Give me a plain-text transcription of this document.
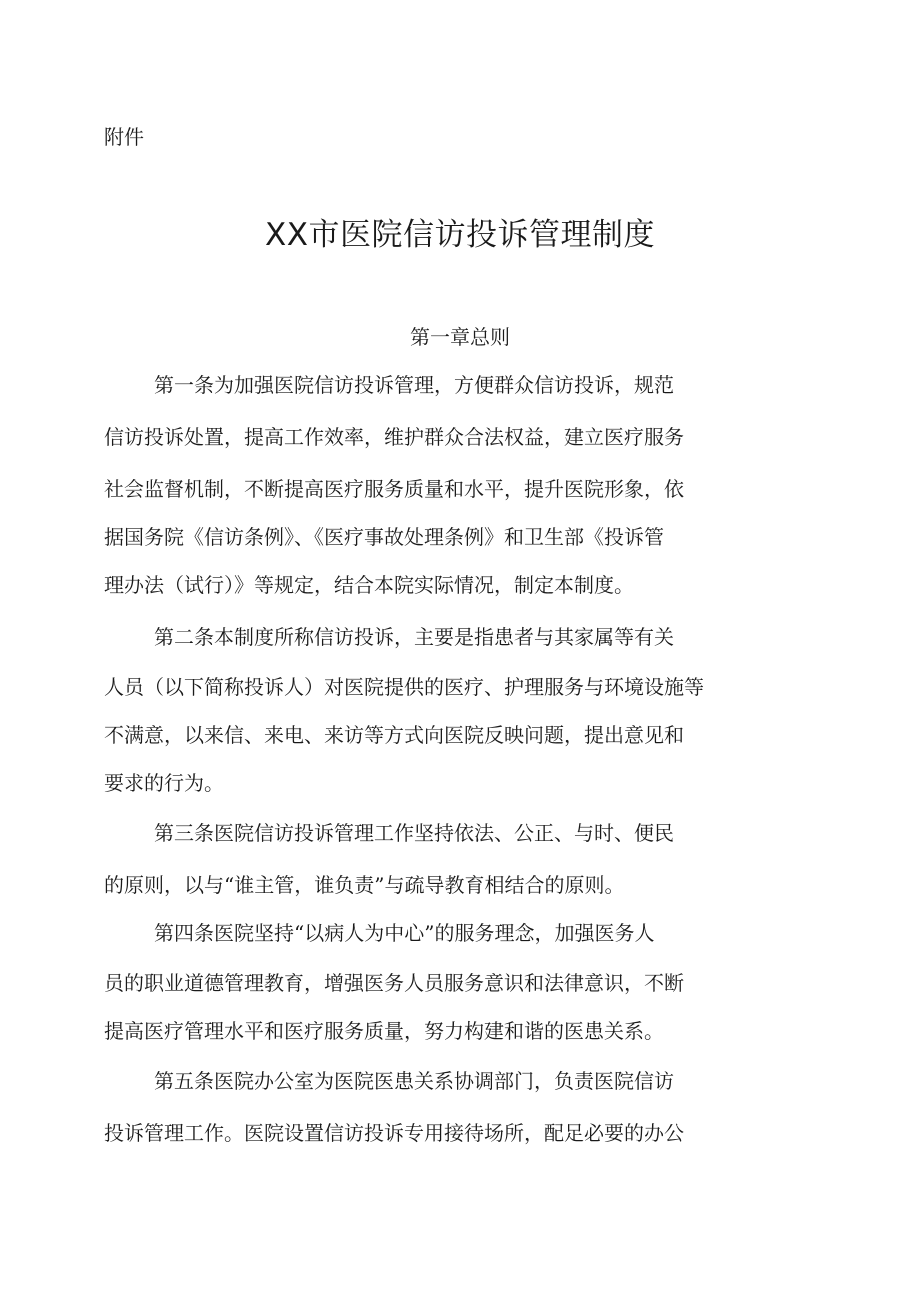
附件
XX市医院信访投诉管理制度
第一章总则
第一条为加强医院信访投诉管理，方便群众信访投诉，规范
信访投诉处置，提高工作效率，维护群众合法权益，建立医疗服务
社会监督机制，不断提高医疗服务质量和水平，提升医院形象，依
据国务院《信访条例》、《医疗事故处理条例》和卫生部《投诉管
理办法（试行）》等规定，结合本院实际情况，制定本制度。
第二条本制度所称信访投诉，主要是指患者与其家属等有关
人员（以下简称投诉人）对医院提供的医疗、护理服务与环境设施等
不满意，以来信、来电、来访等方式向医院反映问题，提出意见和
要求的行为。
第三条医院信访投诉管理工作坚持依法、公正、与时、便民
的原则，以与“谁主管，谁负责”与疏导教育相结合的原则。
第四条医院坚持“以病人为中心”的服务理念，加强医务人
员的职业道德管理教育，增强医务人员服务意识和法律意识，不断
提高医疗管理水平和医疗服务质量，努力构建和谐的医患关系。
第五条医院办公室为医院医患关系协调部门，负责医院信访
投诉管理工作。医院设置信访投诉专用接待场所，配足必要的办公
